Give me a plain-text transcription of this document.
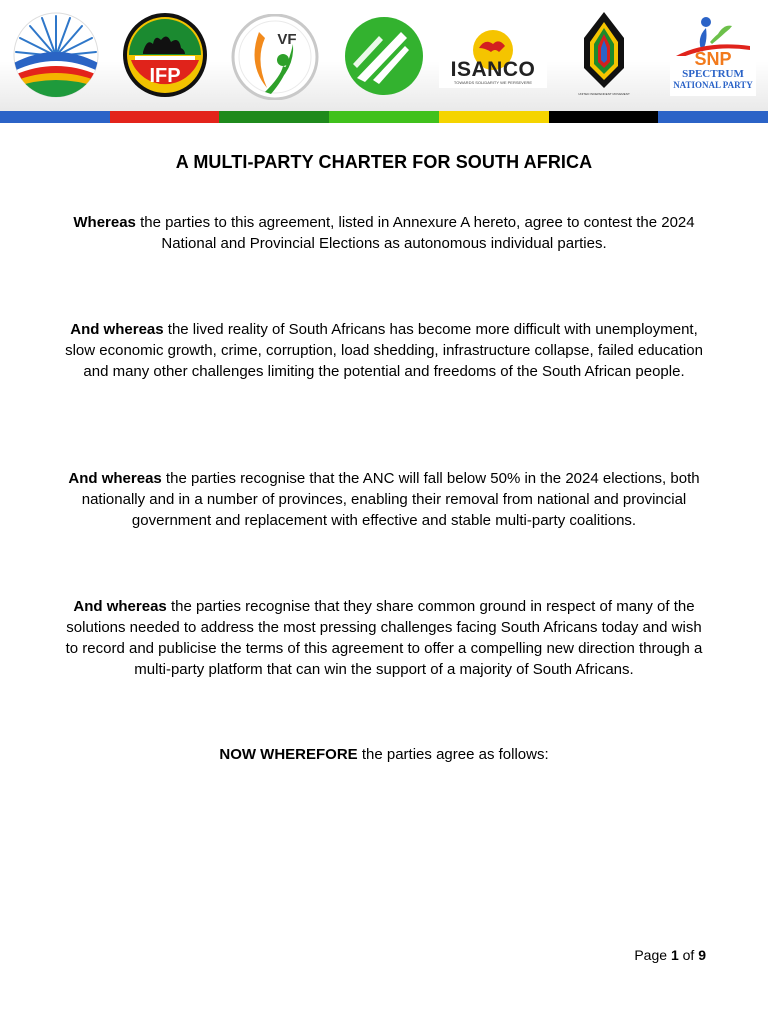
IFP
VF
ISANCO
TOWARDS SOLIDARITY WE PERSEVERE
UNITED INDEPENDENT MOVEMENT
SNP
SPECTRUM
NATIONAL PARTY
A MULTI-PARTY CHARTER FOR SOUTH AFRICA

Whereas the parties to this agreement, listed in Annexure A hereto, agree to contest the 2024 National and Provincial Elections as autonomous individual parties.

And whereas the lived reality of South Africans has become more difficult with unemployment, slow economic growth, crime, corruption, load shedding, infrastructure collapse, failed education and many other challenges limiting the potential and freedoms of the South African people.

And whereas the parties recognise that the ANC will fall below 50% in the 2024 elections, both nationally and in a number of provinces, enabling their removal from national and provincial government and replacement with effective and stable multi-party coalitions.

And whereas the parties recognise that they share common ground in respect of many of the solutions needed to address the most pressing challenges facing South Africans today and wish to record and publicise the terms of this agreement to offer a compelling new direction through a multi-party platform that can win the support of a majority of South Africans.

NOW WHEREFORE the parties agree as follows:

Page 1 of 9
